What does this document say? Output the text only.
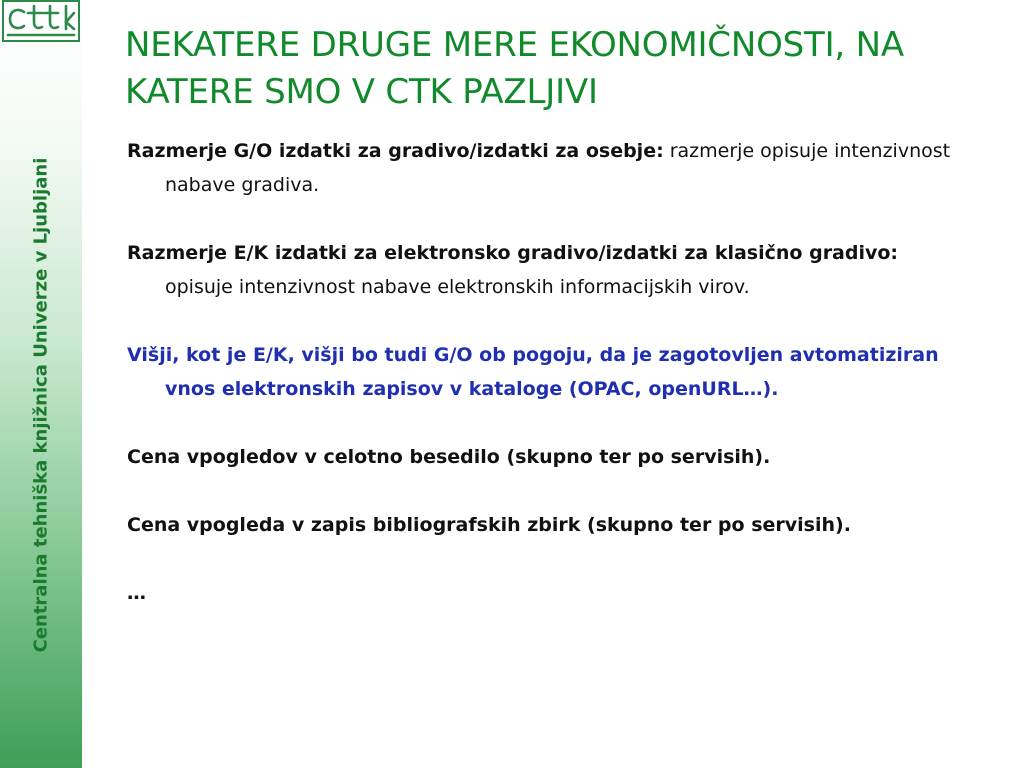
Centralna tehniška knjižnica Univerze v Ljubljani
NEKATERE DRUGE MERE EKONOMIČNOSTI, NA KATERE SMO V CTK PAZLJIVI

Razmerje G/O izdatki za gradivo/izdatki za osebje: razmerje opisuje intenzivnost nabave gradiva.

Razmerje E/K izdatki za elektronsko gradivo/izdatki za klasično gradivo: opisuje intenzivnost nabave elektronskih informacijskih virov.

Višji, kot je E/K, višji bo tudi G/O ob pogoju, da je zagotovljen avtomatiziran vnos elektronskih zapisov v kataloge (OPAC, openURL…).

Cena vpogledov v celotno besedilo (skupno ter po servisih).

Cena vpogleda v zapis bibliografskih zbirk (skupno ter po servisih).

…
